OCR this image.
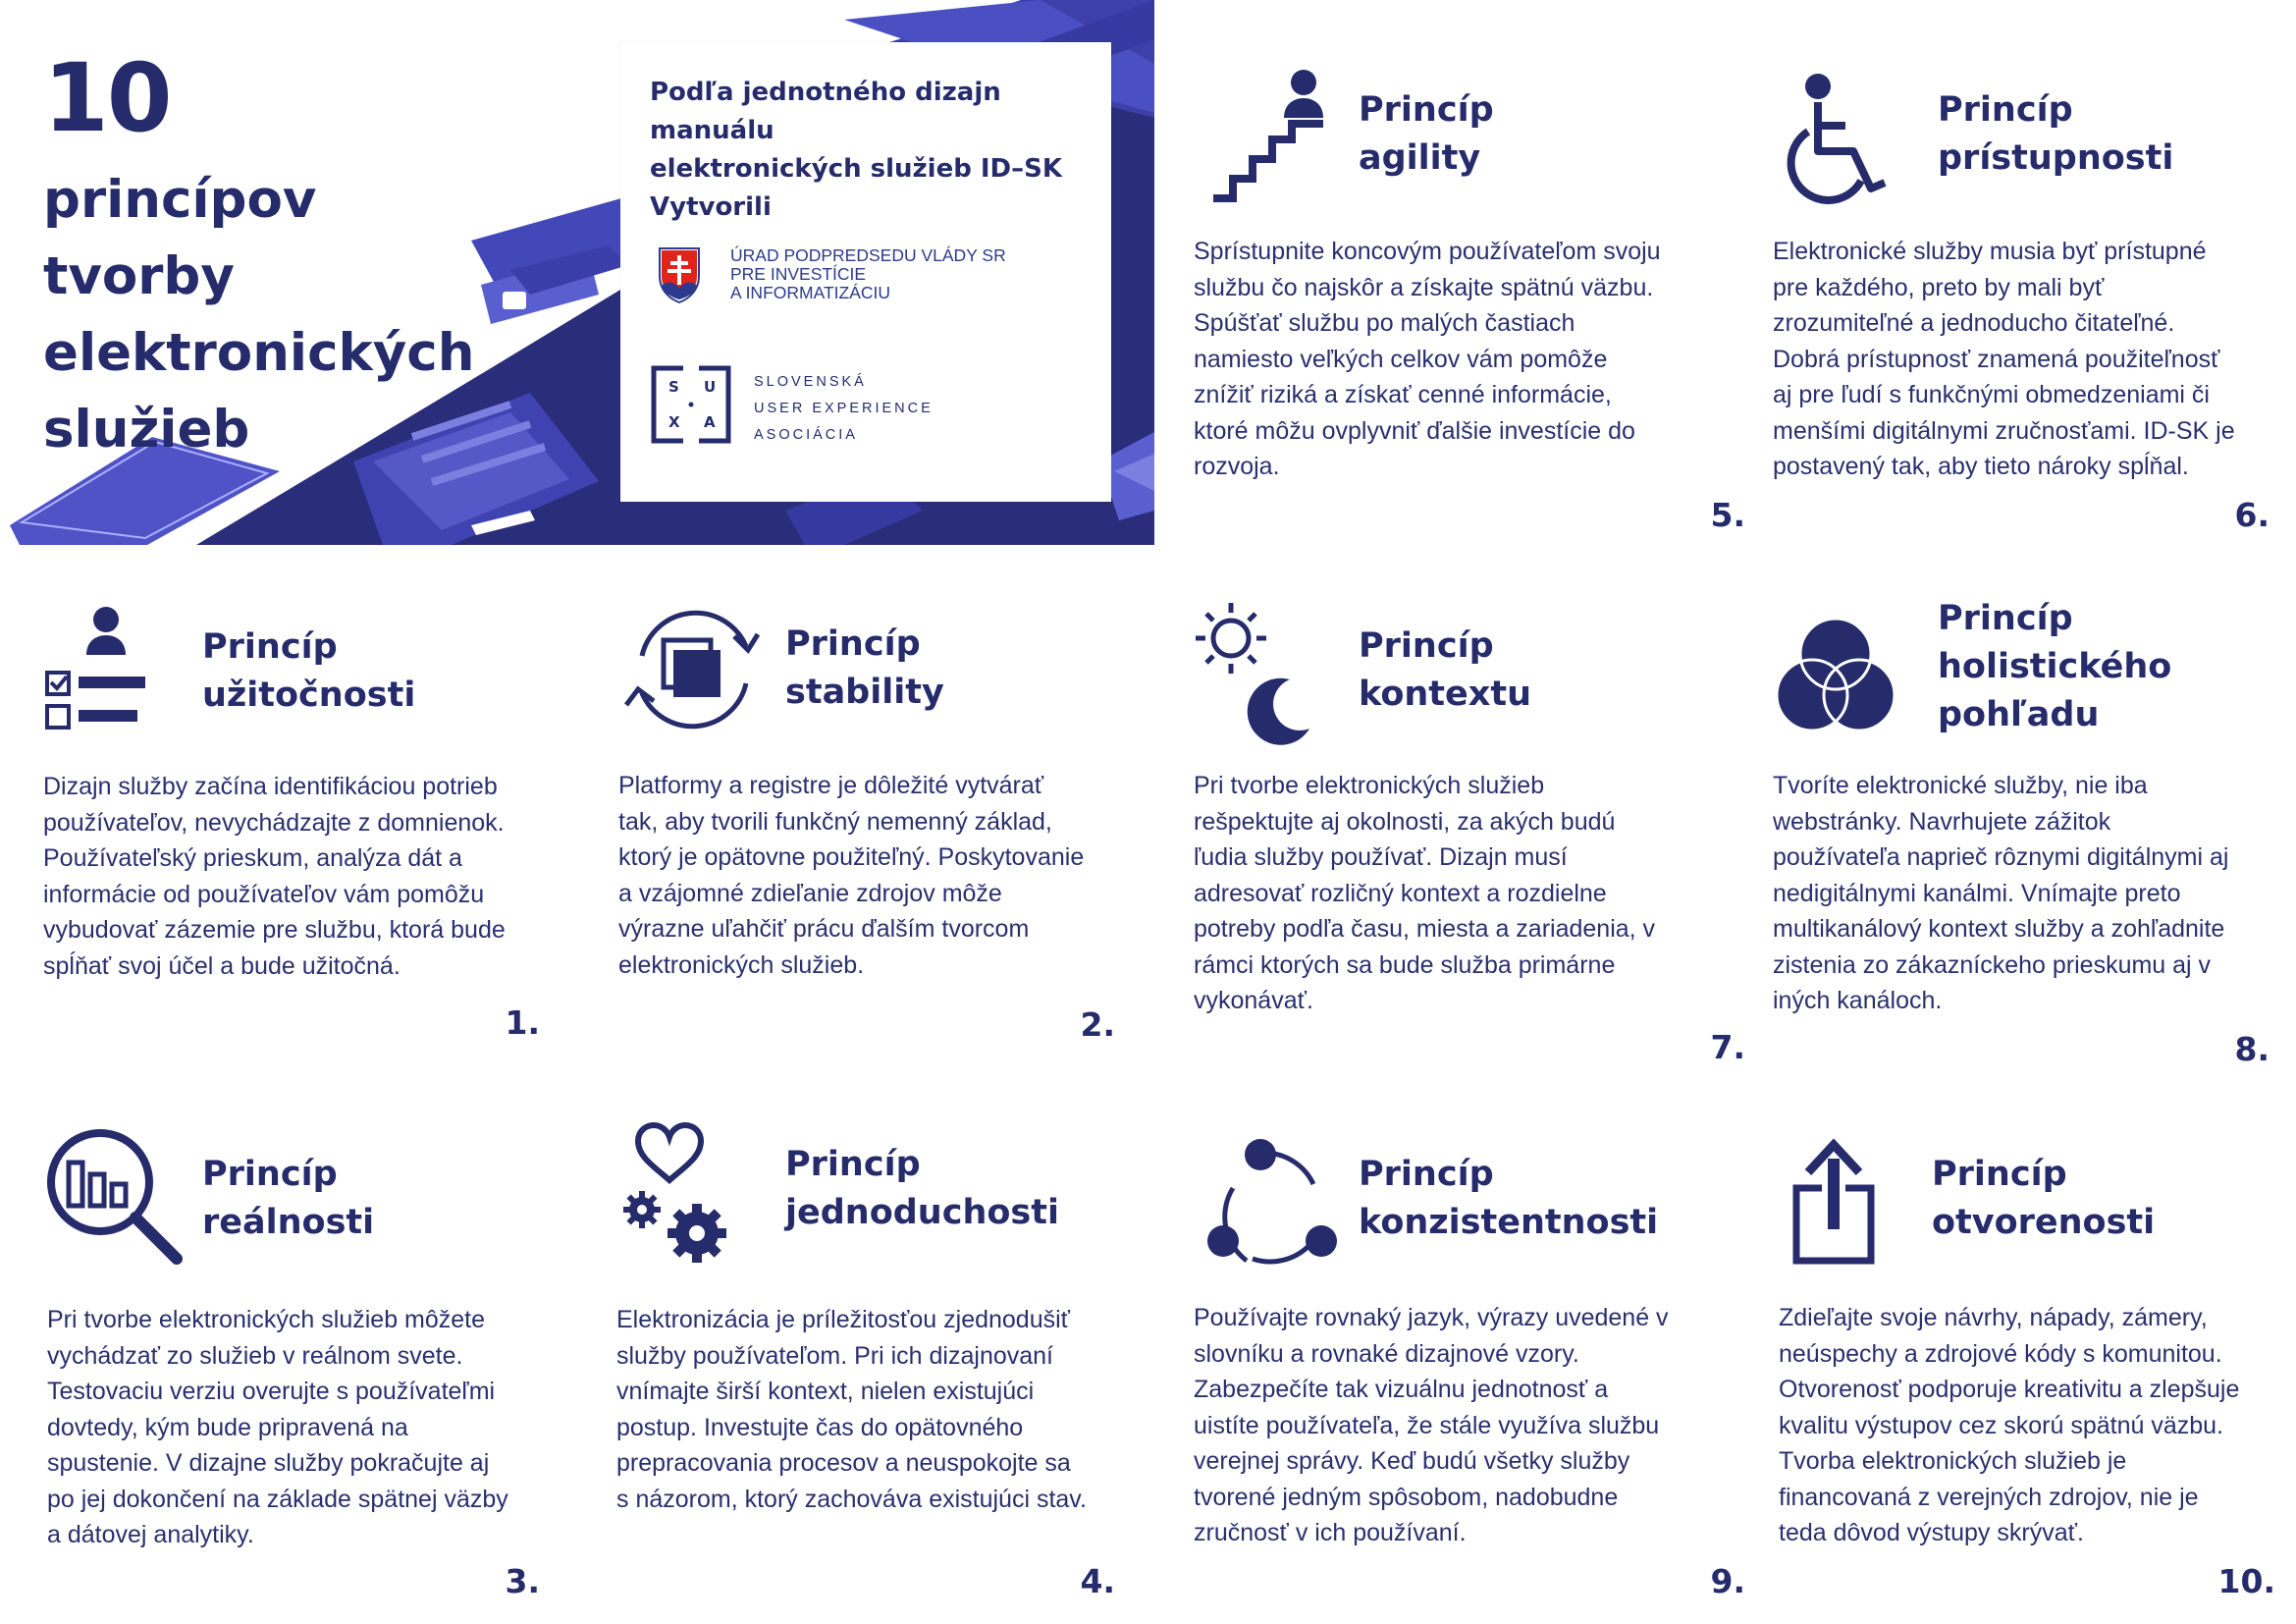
10

princípov tvorby
elektronických
služieb

Podľa jednotného dizajn manuálu
elektronických služieb ID–SK
Vytvorili

ÚRAD PODPREDSEDU VLÁDY SR
PRE INVESTÍCIE
A INFORMATIZÁCIU
S U
X A
SLOVENSKÁ
USER EXPERIENCE
ASOCIÁCIA

Princíp
agility

Sprístupnite koncovým používateľom svoju
službu čo najskôr a získajte spätnú väzbu.
Spúšťať službu po malých častiach
namiesto veľkých celkov vám pomôže
znížiť riziká a získať cenné informácie,
ktoré môžu ovplyvniť ďalšie investície do
rozvoja.

5.

Princíp
prístupnosti

Elektronické služby musia byť prístupné
pre každého, preto by mali byť
zrozumiteľné a jednoducho čitateľné.
Dobrá prístupnosť znamená použiteľnosť
aj pre ľudí s funkčnými obmedzeniami či
menšími digitálnymi zručnosťami. ID-SK je
postavený tak, aby tieto nároky spĺňal.

6.

Princíp
užitočnosti

Dizajn služby začína identifikáciou potrieb
používateľov, nevychádzajte z domnienok.
Používateľský prieskum, analýza dát a
informácie od používateľov vám pomôžu
vybudovať zázemie pre službu, ktorá bude
spĺňať svoj účel a bude užitočná.

1.

Princíp
stability

Platformy a registre je dôležité vytvárať
tak, aby tvorili funkčný nemenný základ,
ktorý je opätovne použiteľný. Poskytovanie
a vzájomné zdieľanie zdrojov môže
výrazne uľahčiť prácu ďalším tvorcom
elektronických služieb.

2.

Princíp
kontextu

Pri tvorbe elektronických služieb
rešpektujte aj okolnosti, za akých budú
ľudia služby používať. Dizajn musí
adresovať rozličný kontext a rozdielne
potreby podľa času, miesta a zariadenia, v
rámci ktorých sa bude služba primárne
vykonávať.

7.

Princíp
holistického
pohľadu

Tvoríte elektronické služby, nie iba
webstránky. Navrhujete zážitok
používateľa naprieč rôznymi digitálnymi aj
nedigitálnymi kanálmi. Vnímajte preto
multikanálový kontext služby a zohľadnite
zistenia zo zákazníckeho prieskumu aj v
iných kanáloch.

8.

Princíp
reálnosti

Pri tvorbe elektronických služieb môžete
vychádzať zo služieb v reálnom svete.
Testovaciu verziu overujte s používateľmi
dovtedy, kým bude pripravená na
spustenie. V dizajne služby pokračujte aj
po jej dokončení na základe spätnej väzby
a dátovej analytiky.

3.

Princíp
jednoduchosti

Elektronizácia je príležitosťou zjednodušiť
služby používateľom. Pri ich dizajnovaní
vnímajte širší kontext, nielen existujúci
postup. Investujte čas do opätovného
prepracovania procesov a neuspokojte sa
s názorom, ktorý zachováva existujúci stav.

4.

Princíp
konzistentnosti

Používajte rovnaký jazyk, výrazy uvedené v
slovníku a rovnaké dizajnové vzory.
Zabezpečíte tak vizuálnu jednotnosť a
uistíte používateľa, že stále využíva službu
verejnej správy. Keď budú všetky služby
tvorené jedným spôsobom, nadobudne
zručnosť v ich používaní.

9.

Princíp
otvorenosti

Zdieľajte svoje návrhy, nápady, zámery,
neúspechy a zdrojové kódy s komunitou.
Otvorenosť podporuje kreativitu a zlepšuje
kvalitu výstupov cez skorú spätnú väzbu.
Tvorba elektronických služieb je
financovaná z verejných zdrojov, nie je
teda dôvod výstupy skrývať.

10.
